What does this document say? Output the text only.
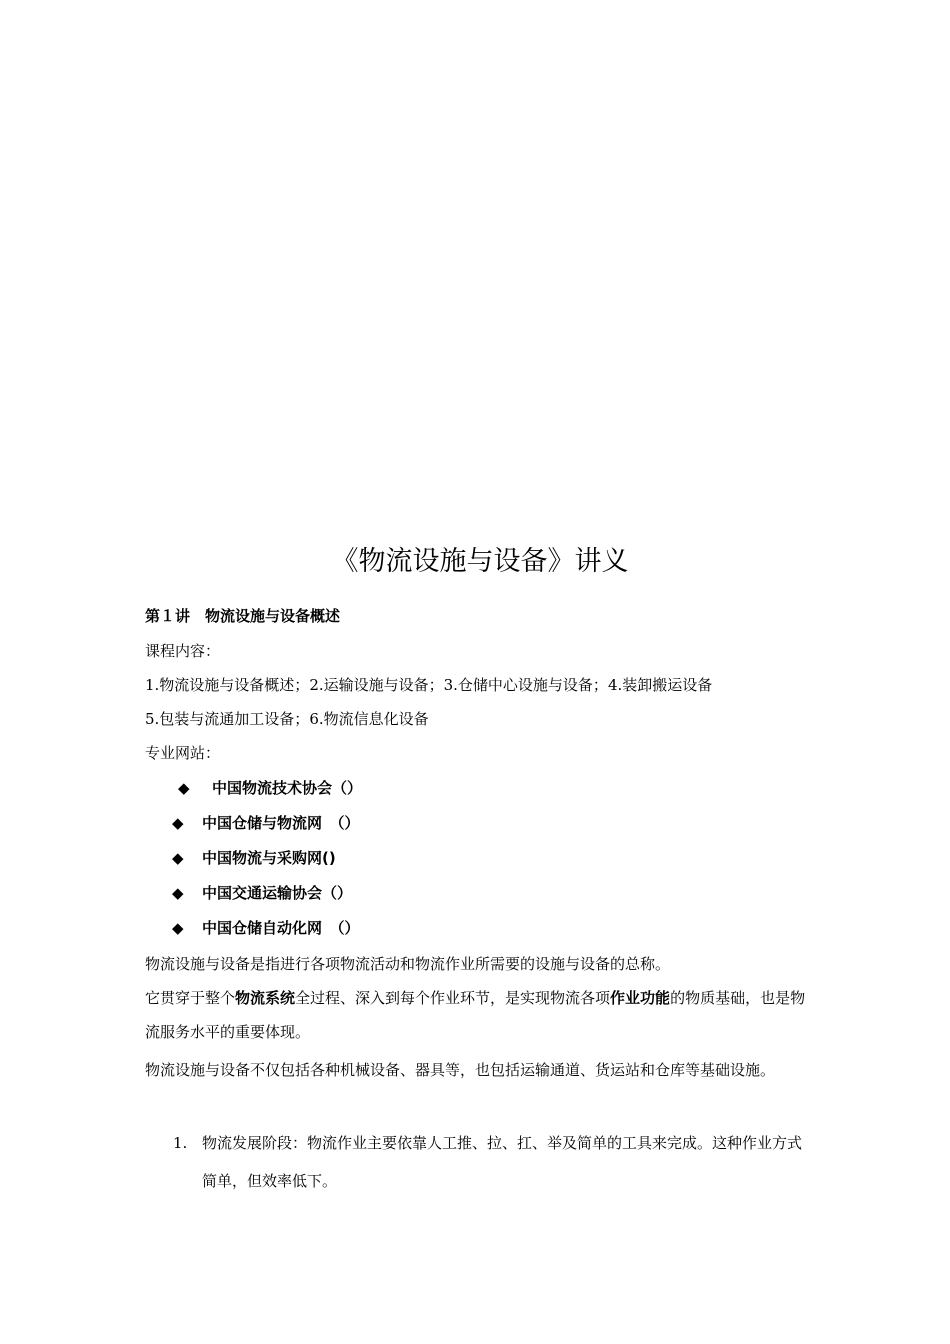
《物流设施与设备》讲义
第１讲　物流设施与设备概述
课程内容：
1.物流设施与设备概述；2.运输设施与设备；3.仓储中心设施与设备；4.装卸搬运设备
5.包装与流通加工设备；6.物流信息化设备
专业网站：
◆ 中国物流技术协会（）
◆ 中国仓储与物流网　（）
◆ 中国物流与采购网()
◆ 中国交通运输协会（）
◆ 中国仓储自动化网　（）
物流设施与设备是指进行各项物流活动和物流作业所需要的设施与设备的总称。
它贯穿于整个物流系统全过程、深入到每个作业环节，是实现物流各项作业功能的物质基础，也是物流服务水平的重要体现。
物流设施与设备不仅包括各种机械设备、器具等，也包括运输通道、货运站和仓库等基础设施。
1. 物流发展阶段：物流作业主要依靠人工推、拉、扛、举及简单的工具来完成。这种作业方式简单，但效率低下。
